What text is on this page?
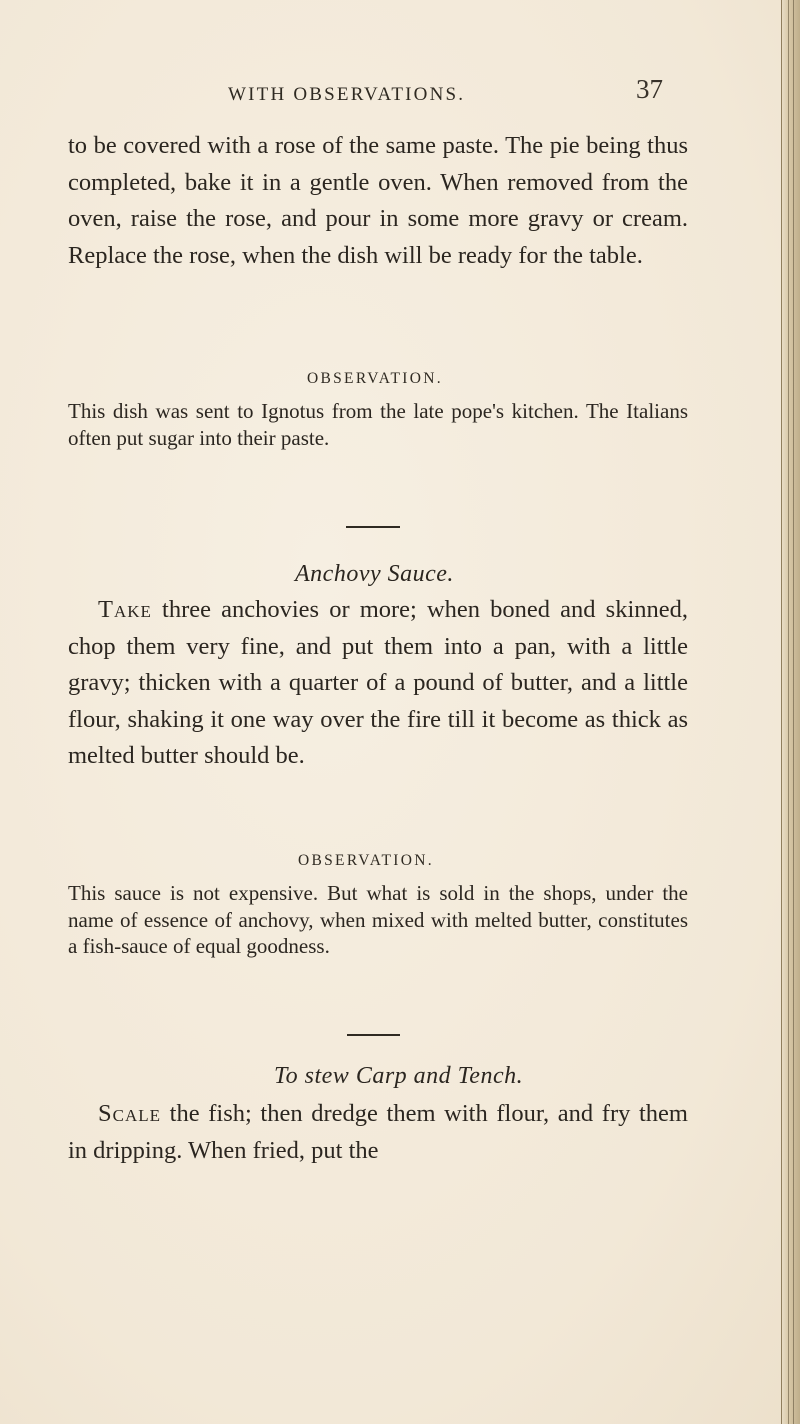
WITH OBSERVATIONS.	37

to be covered with a rose of the same paste. The pie being thus completed, bake it in a gentle oven. When removed from the oven, raise the rose, and pour in some more gravy or cream. Replace the rose, when the dish will be ready for the table.

OBSERVATION.

This dish was sent to Ignotus from the late pope's kitchen. The Italians often put sugar into their paste.

Anchovy Sauce.

Take three anchovies or more; when boned and skinned, chop them very fine, and put them into a pan, with a little gravy; thicken with a quarter of a pound of butter, and a little flour, shaking it one way over the fire till it become as thick as melted butter should be.

OBSERVATION.

This sauce is not expensive. But what is sold in the shops, under the name of essence of anchovy, when mixed with melted butter, constitutes a fish-sauce of equal goodness.

To stew Carp and Tench.

Scale the fish; then dredge them with flour, and fry them in dripping. When fried, put the
